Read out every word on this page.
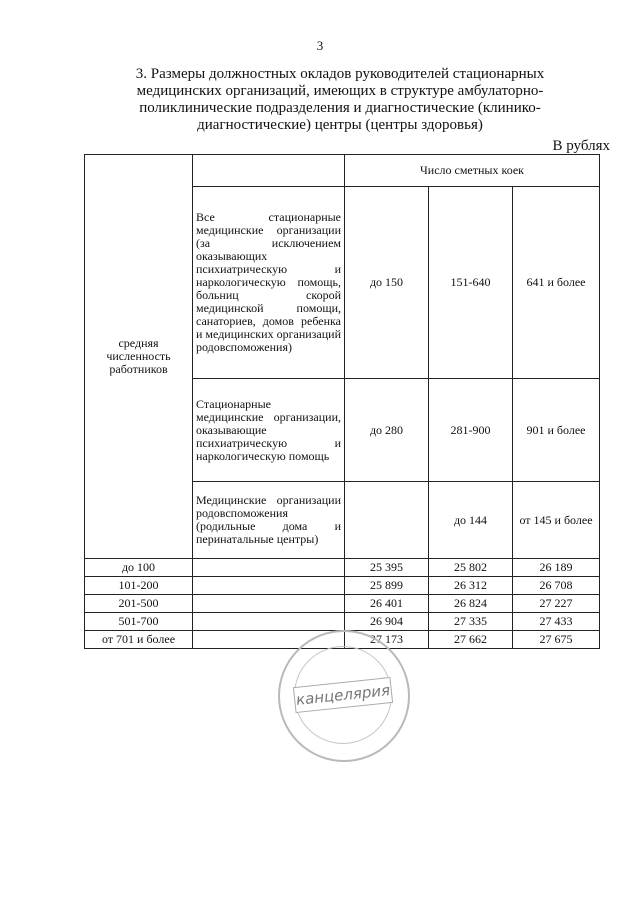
3
3. Размеры должностных окладов руководителей стационарных медицинских организаций, имеющих в структуре амбулаторно-поликлинические подразделения и диагностические (клинико-диагностические) центры (центры здоровья)
В рублях
средняя численность работников		Число сметных коек		
	Все стационарные медицинские организации (за исключением оказывающих психиатрическую и наркологическую помощь, больниц скорой медицинской помощи, санаториев, домов ребенка и медицинских организаций родовспоможения)	до 150	151-640	641 и более
	Стационарные медицинские организации, оказывающие психиатрическую и наркологическую помощь	до 280	281-900	901 и более
	Медицинские организации родовспоможения (родильные дома и перинатальные центры)		до 144	от 145 и более
до 100		25 395	25 802	26 189
101-200		25 899	26 312	26 708
201-500		26 401	26 824	27 227
501-700		26 904	27 335	27 433
от 701 и более		27 173	27 662	27 675
канцелярия
